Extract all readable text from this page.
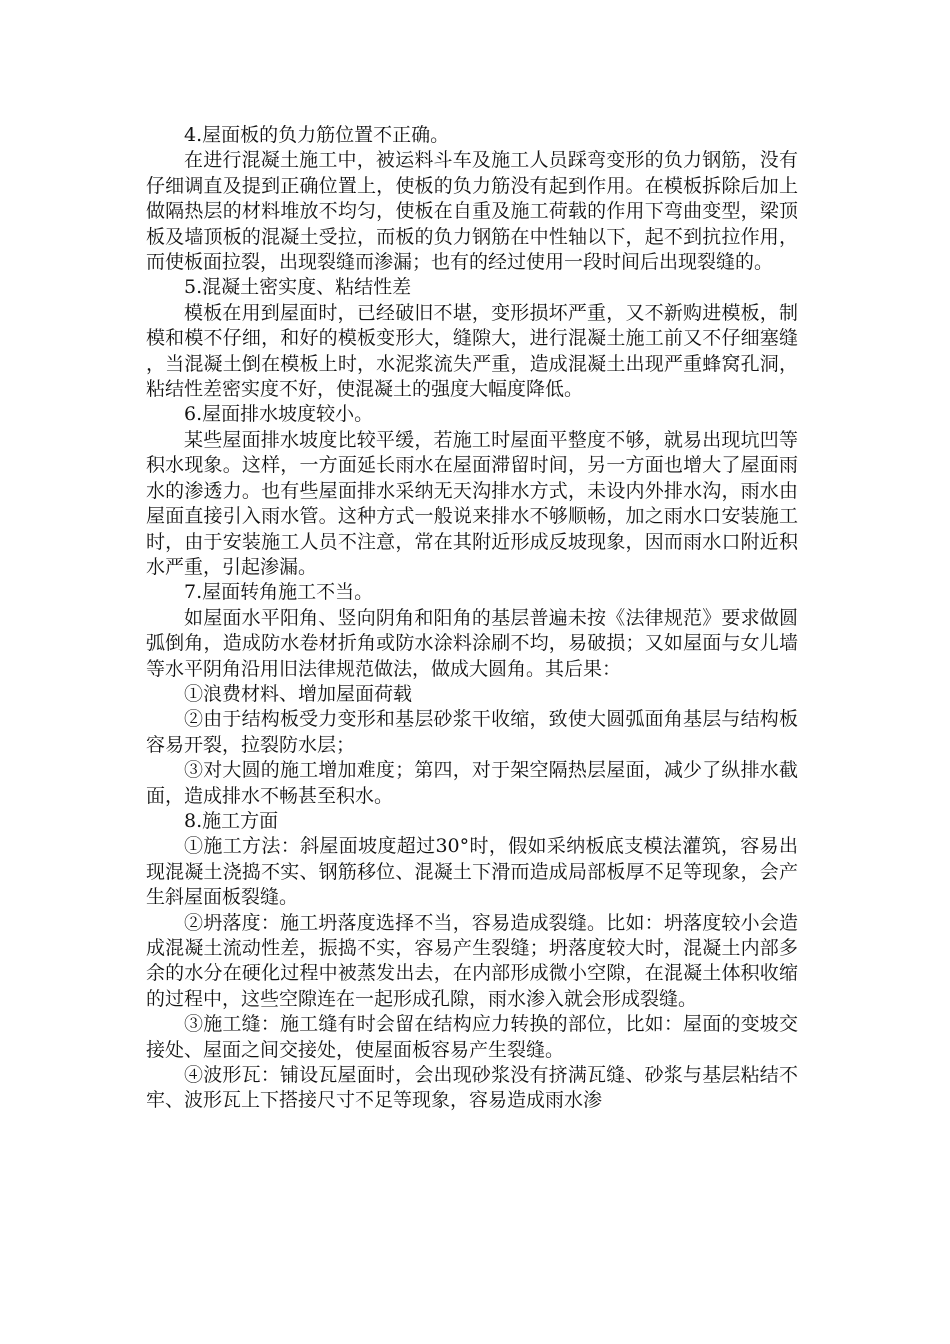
4.屋面板的负力筋位置不正确。

在进行混凝土施工中，被运料斗车及施工人员踩弯变形的负力钢筋，没有仔细调直及提到正确位置上，使板的负力筋没有起到作用。在模板拆除后加上做隔热层的材料堆放不均匀，使板在自重及施工荷载的作用下弯曲变型，梁顶板及墙顶板的混凝土受拉，而板的负力钢筋在中性轴以下，起不到抗拉作用，而使板面拉裂，出现裂缝而渗漏；也有的经过使用一段时间后出现裂缝的。

5.混凝土密实度、粘结性差

模板在用到屋面时，已经破旧不堪，变形损坏严重，又不新购进模板，制模和模不仔细，和好的模板变形大，缝隙大，进行混凝土施工前又不仔细塞缝，当混凝土倒在模板上时，水泥浆流失严重，造成混凝土出现严重蜂窝孔洞，粘结性差密实度不好，使混凝土的强度大幅度降低。

6.屋面排水坡度较小。

某些屋面排水坡度比较平缓，若施工时屋面平整度不够，就易出现坑凹等积水现象。这样，一方面延长雨水在屋面滞留时间，另一方面也增大了屋面雨水的渗透力。也有些屋面排水采纳无天沟排水方式，未设内外排水沟，雨水由屋面直接引入雨水管。这种方式一般说来排水不够顺畅，加之雨水口安装施工时，由于安装施工人员不注意，常在其附近形成反坡现象，因而雨水口附近积水严重，引起渗漏。

7.屋面转角施工不当。

如屋面水平阳角、竖向阴角和阳角的基层普遍未按《法律规范》要求做圆弧倒角，造成防水卷材折角或防水涂料涂刷不均，易破损；又如屋面与女儿墙等水平阴角沿用旧法律规范做法，做成大圆角。其后果：

①浪费材料、增加屋面荷载

②由于结构板受力变形和基层砂浆干收缩，致使大圆弧面角基层与结构板容易开裂，拉裂防水层；

③对大圆的施工增加难度；第四，对于架空隔热层屋面，减少了纵排水截面，造成排水不畅甚至积水。

8.施工方面

①施工方法：斜屋面坡度超过30°时，假如采纳板底支模法灌筑，容易出现混凝土浇捣不实、钢筋移位、混凝土下滑而造成局部板厚不足等现象，会产生斜屋面板裂缝。

②坍落度：施工坍落度选择不当，容易造成裂缝。比如：坍落度较小会造成混凝土流动性差，振捣不实，容易产生裂缝；坍落度较大时，混凝土内部多余的水分在硬化过程中被蒸发出去，在内部形成微小空隙，在混凝土体积收缩的过程中，这些空隙连在一起形成孔隙，雨水渗入就会形成裂缝。

③施工缝：施工缝有时会留在结构应力转换的部位，比如：屋面的变坡交接处、屋面之间交接处，使屋面板容易产生裂缝。

④波形瓦：铺设瓦屋面时，会出现砂浆没有挤满瓦缝、砂浆与基层粘结不牢、波形瓦上下搭接尺寸不足等现象，容易造成雨水渗
